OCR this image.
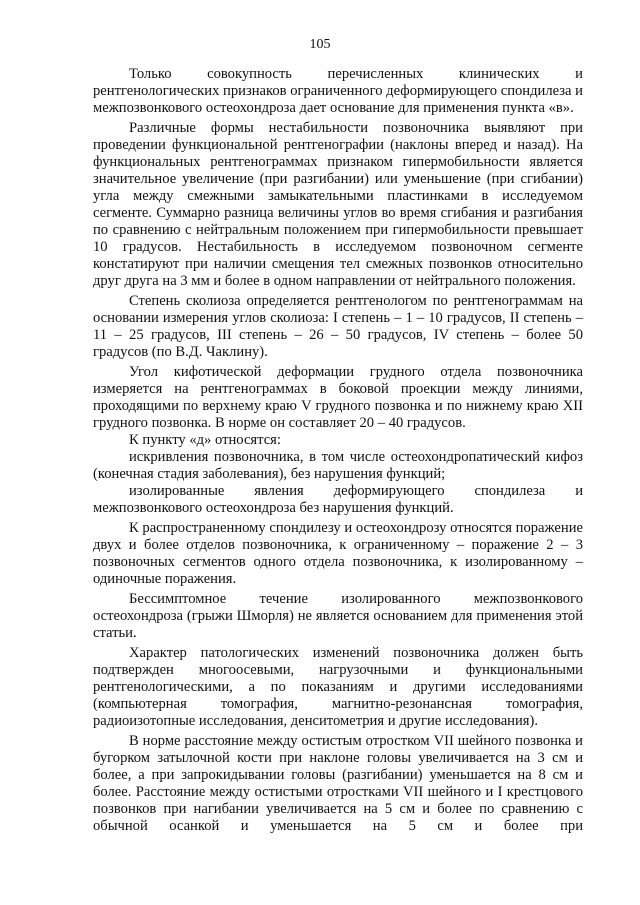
105

Только совокупность перечисленных клинических и рентгенологических признаков ограниченного деформирующего спондилеза и межпозвонкового остеохондроза дает основание для применения пункта «в».

Различные формы нестабильности позвоночника выявляют при проведении функциональной рентгенографии (наклоны вперед и назад). На функциональных рентгенограммах признаком гипермобильности является значительное увеличение (при разгибании) или уменьшение (при сгибании) угла между смежными замыкательными пластинками в исследуемом сегменте. Суммарно разница величины углов во время сгибания и разгибания по сравнению с нейтральным положением при гипермобильности превышает 10 градусов. Нестабильность в исследуемом позвоночном сегменте констатируют при наличии смещения тел смежных позвонков относительно друг друга на 3 мм и более в одном направлении от нейтрального положения.

Степень сколиоза определяется рентгенологом по рентгенограммам на основании измерения углов сколиоза: I степень – 1 – 10 градусов, II степень – 11 – 25 градусов, III степень – 26 – 50 градусов, IV степень – более 50 градусов (по В.Д. Чаклину).

Угол кифотической деформации грудного отдела позвоночника измеряется на рентгенограммах в боковой проекции между линиями, проходящими по верхнему краю V грудного позвонка и по нижнему краю XII грудного позвонка. В норме он составляет 20 – 40 градусов.

К пункту «д» относятся:

искривления позвоночника, в том числе остеохондропатический кифоз (конечная стадия заболевания), без нарушения функций;

изолированные явления деформирующего спондилеза и межпозвонкового остеохондроза без нарушения функций.

К распространенному спондилезу и остеохондрозу относятся поражение двух и более отделов позвоночника, к ограниченному – поражение 2 – 3 позвоночных сегментов одного отдела позвоночника, к изолированному – одиночные поражения.

Бессимптомное течение изолированного межпозвонкового остеохондроза (грыжи Шморля) не является основанием для применения этой статьи.

Характер патологических изменений позвоночника должен быть подтвержден многоосевыми, нагрузочными и функциональными рентгенологическими, а по показаниям и другими исследованиями (компьютерная томография, магнитно-резонансная томография, радиоизотопные исследования, денситометрия и другие исследования).

В норме расстояние между остистым отростком VII шейного позвонка и бугорком затылочной кости при наклоне головы увеличивается на 3 см и более, а при запрокидывании головы (разгибании) уменьшается на 8 см и более. Расстояние между остистыми отростками VII шейного и I крестцового позвонков при нагибании увеличивается на 5 см и более по сравнению с обычной осанкой и уменьшается на 5 см и более при
